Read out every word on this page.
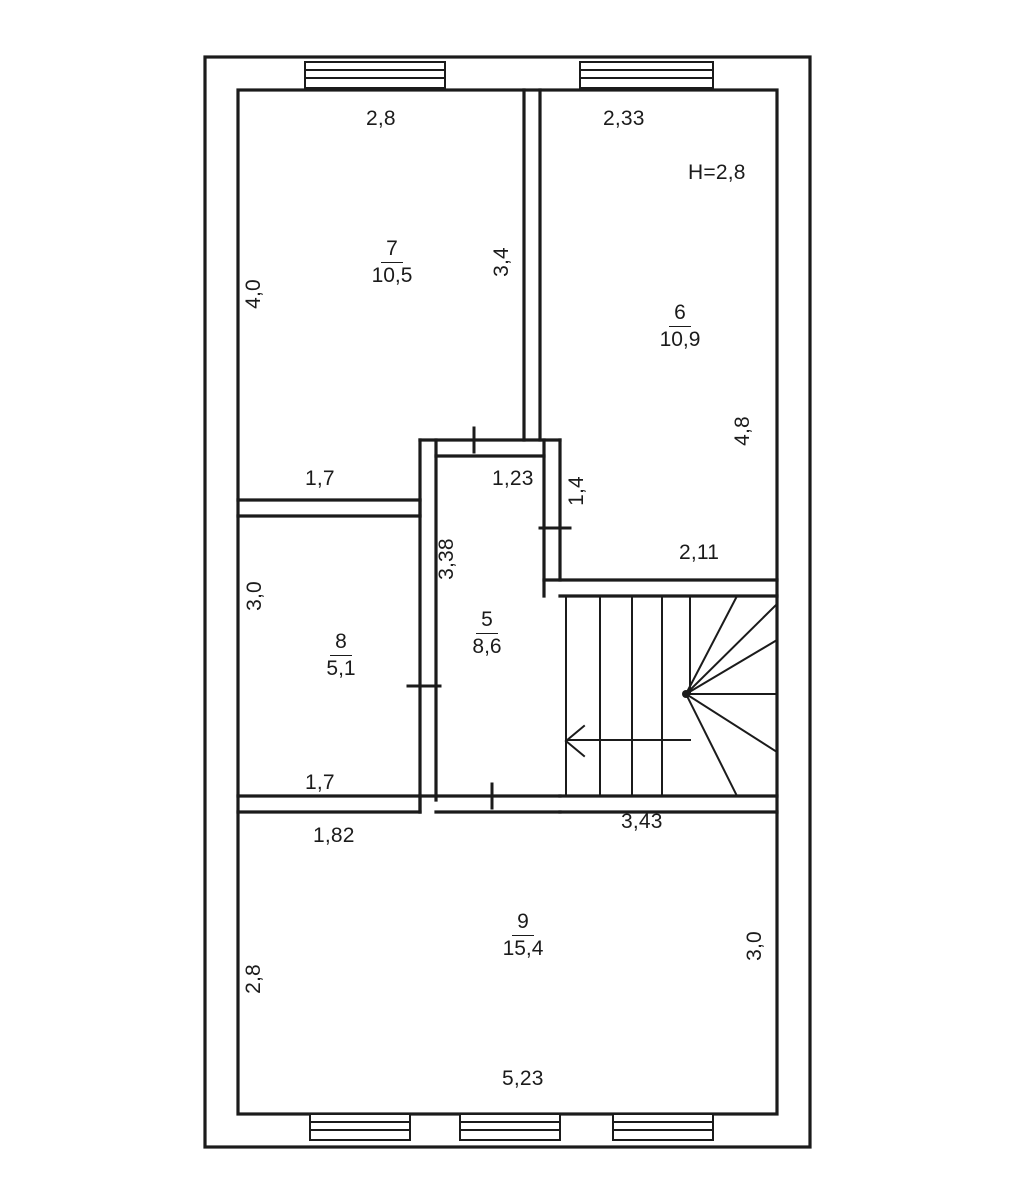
2,8	2,33
H=2,8
4,0
3,4
4,8
7
10,5
6
10,9
1,7	1,23 1,4
2,11
3,0
3,38
8
5,1
5
8,6
1,7
1,82
3,43
2,8
3,0
9
15,4
5,23
